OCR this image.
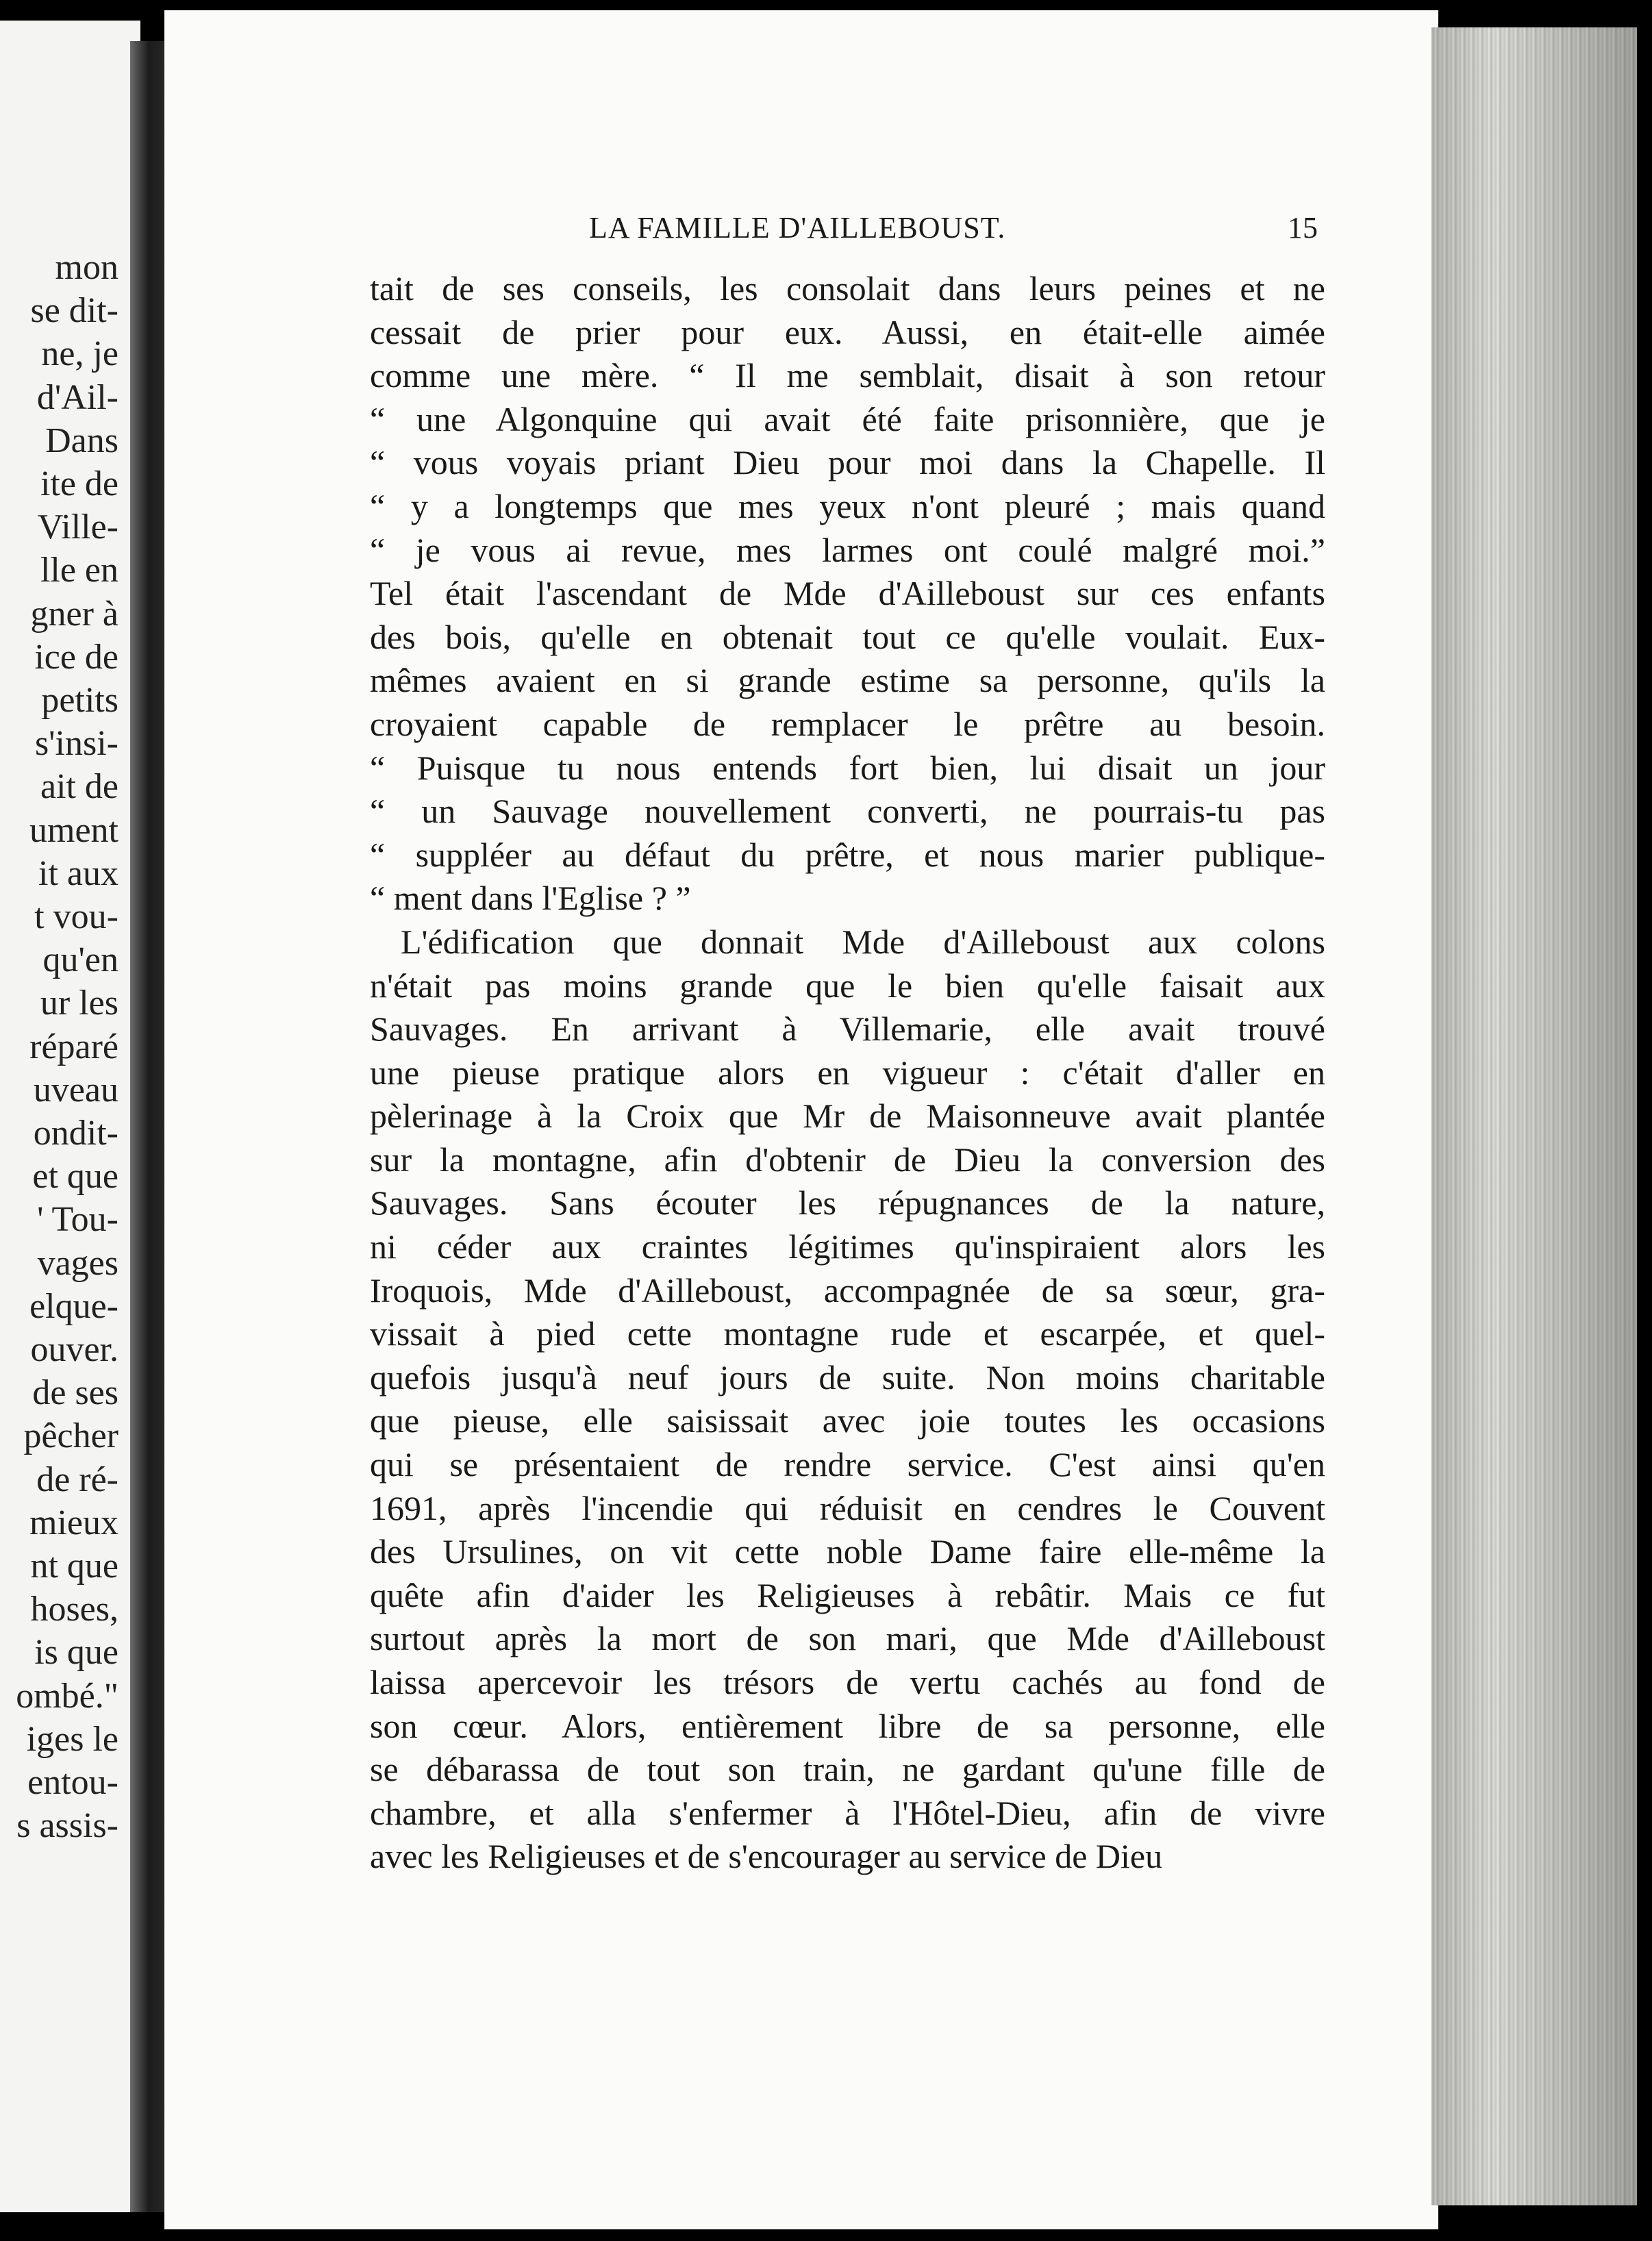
mon
se dit-
ne, je
d'Ail-
Dans
ite de
Ville-
lle en
gner à
ice de
petits
s'insi-
ait de
ument
it aux
t vou-
qu'en
ur les
réparé
uveau
ondit-
et que
' Tou-
vages
elque-
ouver.
de ses
pêcher
de ré-
mieux
nt que
hoses,
is que
ombé."
iges le
entou-
s assis-
LA FAMILLE D'AILLEBOUST.	15
tait de ses conseils, les consolait dans leurs peines et ne
cessait de prier pour eux. Aussi, en était-elle aimée
comme une mère. “ Il me semblait, disait à son retour
“ une Algonquine qui avait été faite prisonnière, que je
“ vous voyais priant Dieu pour moi dans la Chapelle. Il
“ y a longtemps que mes yeux n'ont pleuré ; mais quand
“ je vous ai revue, mes larmes ont coulé malgré moi.”
Tel était l'ascendant de Mde d'Ailleboust sur ces enfants
des bois, qu'elle en obtenait tout ce qu'elle voulait. Eux-
mêmes avaient en si grande estime sa personne, qu'ils la
croyaient capable de remplacer le prêtre au besoin.
“ Puisque tu nous entends fort bien, lui disait un jour
“ un Sauvage nouvellement converti, ne pourrais-tu pas
“ suppléer au défaut du prêtre, et nous marier publique-
“ ment dans l'Eglise ? ”
L'édification que donnait Mde d'Ailleboust aux colons
n'était pas moins grande que le bien qu'elle faisait aux
Sauvages. En arrivant à Villemarie, elle avait trouvé
une pieuse pratique alors en vigueur : c'était d'aller en
pèlerinage à la Croix que Mr de Maisonneuve avait plantée
sur la montagne, afin d'obtenir de Dieu la conversion des
Sauvages. Sans écouter les répugnances de la nature,
ni céder aux craintes légitimes qu'inspiraient alors les
Iroquois, Mde d'Ailleboust, accompagnée de sa sœur, gra-
vissait à pied cette montagne rude et escarpée, et quel-
quefois jusqu'à neuf jours de suite. Non moins charitable
que pieuse, elle saisissait avec joie toutes les occasions
qui se présentaient de rendre service. C'est ainsi qu'en
1691, après l'incendie qui réduisit en cendres le Couvent
des Ursulines, on vit cette noble Dame faire elle-même la
quête afin d'aider les Religieuses à rebâtir. Mais ce fut
surtout après la mort de son mari, que Mde d'Ailleboust
laissa apercevoir les trésors de vertu cachés au fond de
son cœur. Alors, entièrement libre de sa personne, elle
se débarassa de tout son train, ne gardant qu'une fille de
chambre, et alla s'enfermer à l'Hôtel-Dieu, afin de vivre
avec les Religieuses et de s'encourager au service de Dieu
